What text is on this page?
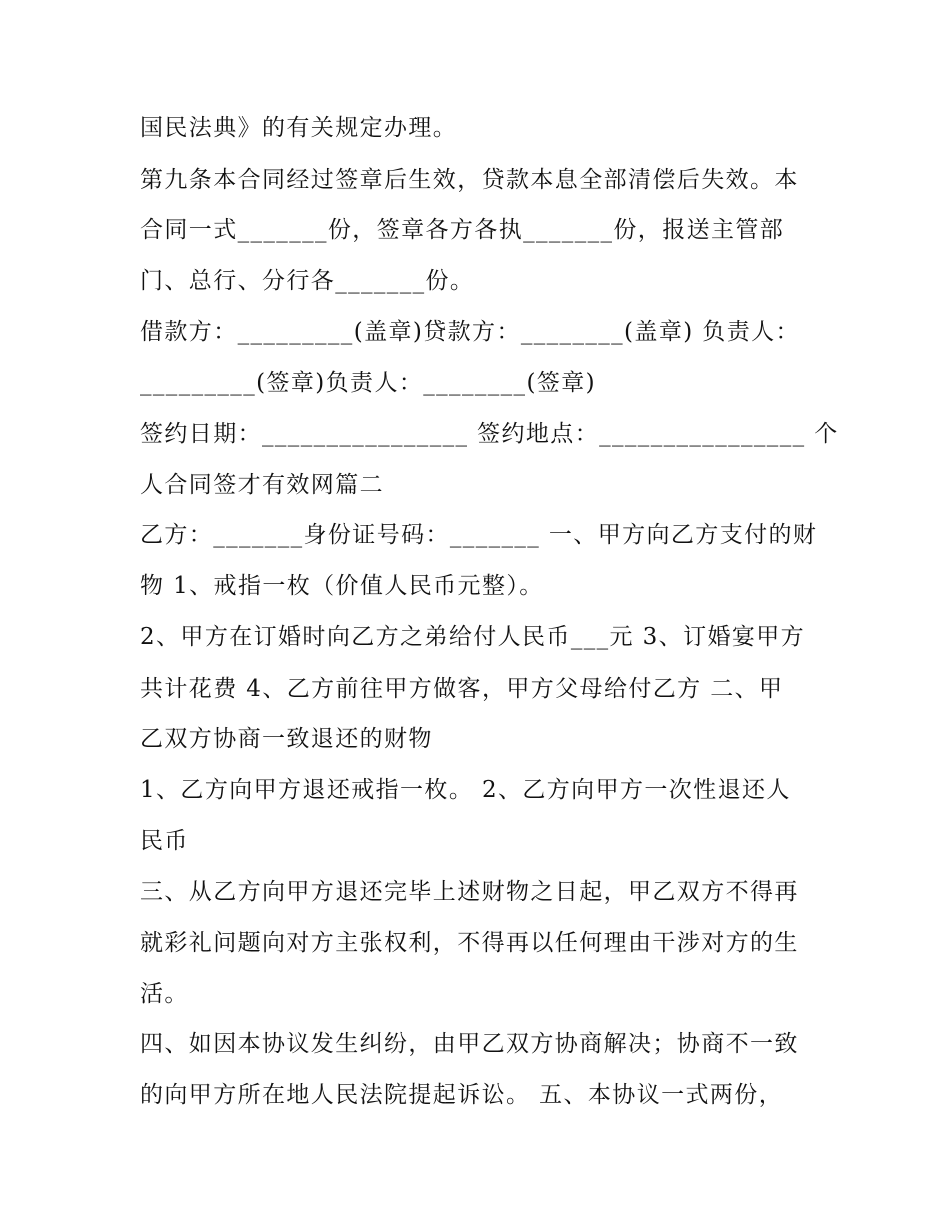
国民法典》的有关规定办理。
第九条本合同经过签章后生效，贷款本息全部清偿后失效。本
合同一式_______份，签章各方各执_______份，报送主管部
门、总行、分行各_______份。
借款方：_________(盖章)贷款方：________(盖章) 负责人：
_________(签章)负责人：________(签章)
签约日期：________________ 签约地点：________________ 个
人合同签才有效网篇二
乙方：_______身份证号码：_______ 一、甲方向乙方支付的财
物 1、戒指一枚（价值人民币元整）。
2、甲方在订婚时向乙方之弟给付人民币___元 3、订婚宴甲方
共计花费 4、乙方前往甲方做客，甲方父母给付乙方 二、甲
乙双方协商一致退还的财物
1、乙方向甲方退还戒指一枚。 2、乙方向甲方一次性退还人
民币
三、从乙方向甲方退还完毕上述财物之日起，甲乙双方不得再
就彩礼问题向对方主张权利，不得再以任何理由干涉对方的生
活。
四、如因本协议发生纠纷，由甲乙双方协商解决；协商不一致
的向甲方所在地人民法院提起诉讼。 五、本协议一式两份，
